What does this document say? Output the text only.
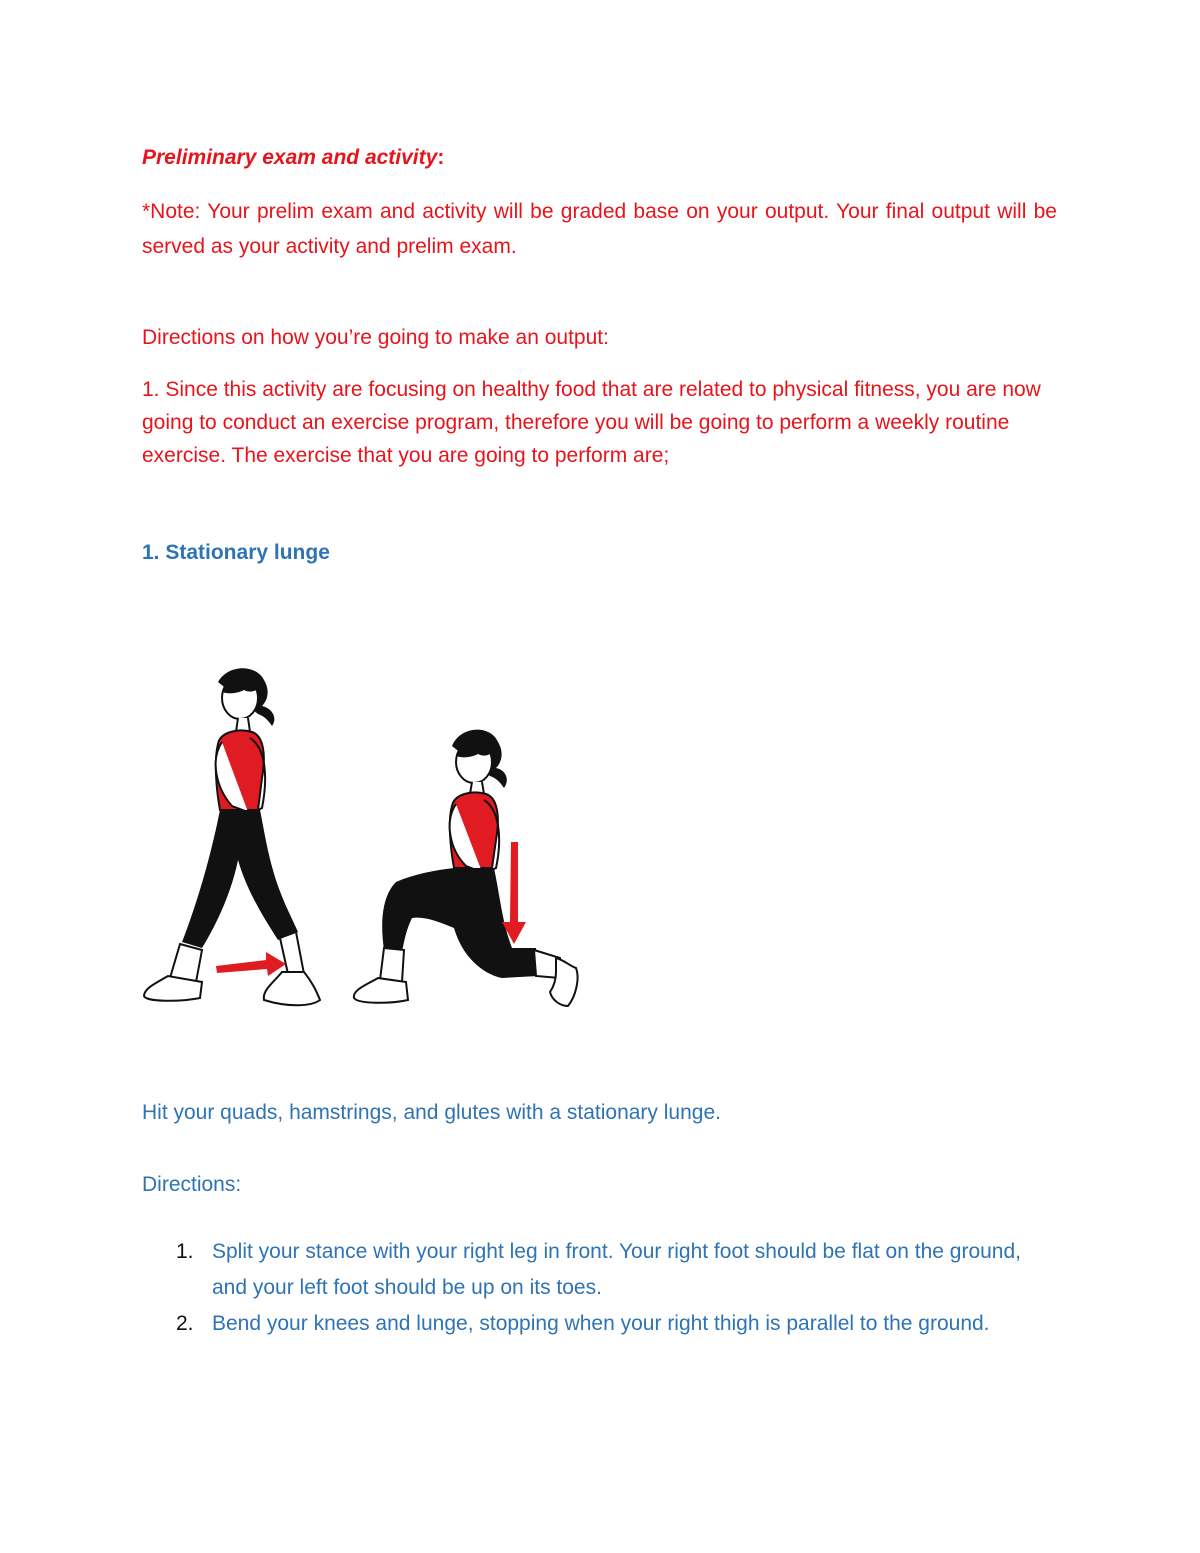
Preliminary exam and activity:

*Note: Your prelim exam and activity will be graded base on your output. Your final output will be served as your activity and prelim exam.

Directions on how you’re going to make an output:

1. Since this activity are focusing on healthy food that are related to physical fitness, you are now going to conduct an exercise program, therefore you will be going to perform a weekly routine exercise. The exercise that you are going to perform are;

1. Stationary lunge

Hit your quads, hamstrings, and glutes with a stationary lunge.

Directions:

1. Split your stance with your right leg in front. Your right foot should be flat on the ground, and your left foot should be up on its toes.
2. Bend your knees and lunge, stopping when your right thigh is parallel to the ground.
